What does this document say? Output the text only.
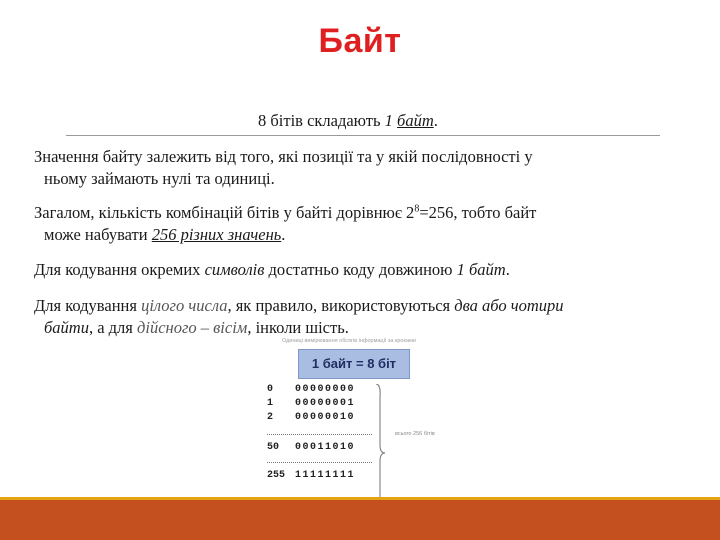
Байт
8 бітів складають 1 байт.
Значення байту залежить від того, які позиції та у якій послідовності у
ньому займають нулі та одиниці.
Загалом, кількість комбінацій бітів у байті дорівнює $2^8=256$, тобто байт
може набувати 256 різних значень.
Для кодування окремих символів достатньо коду довжиною 1 байт.
Для кодування цілого числа, як правило, використовуються два або чотири
байти, а для дійсного – вісім, інколи шість.
Одиниці вимірювання обсягів інформації за кроками
1 байт = 8 біт
0 00000000
1 00000001
2 00000010
50 00011010
255 11111111
всього 256 бітів
